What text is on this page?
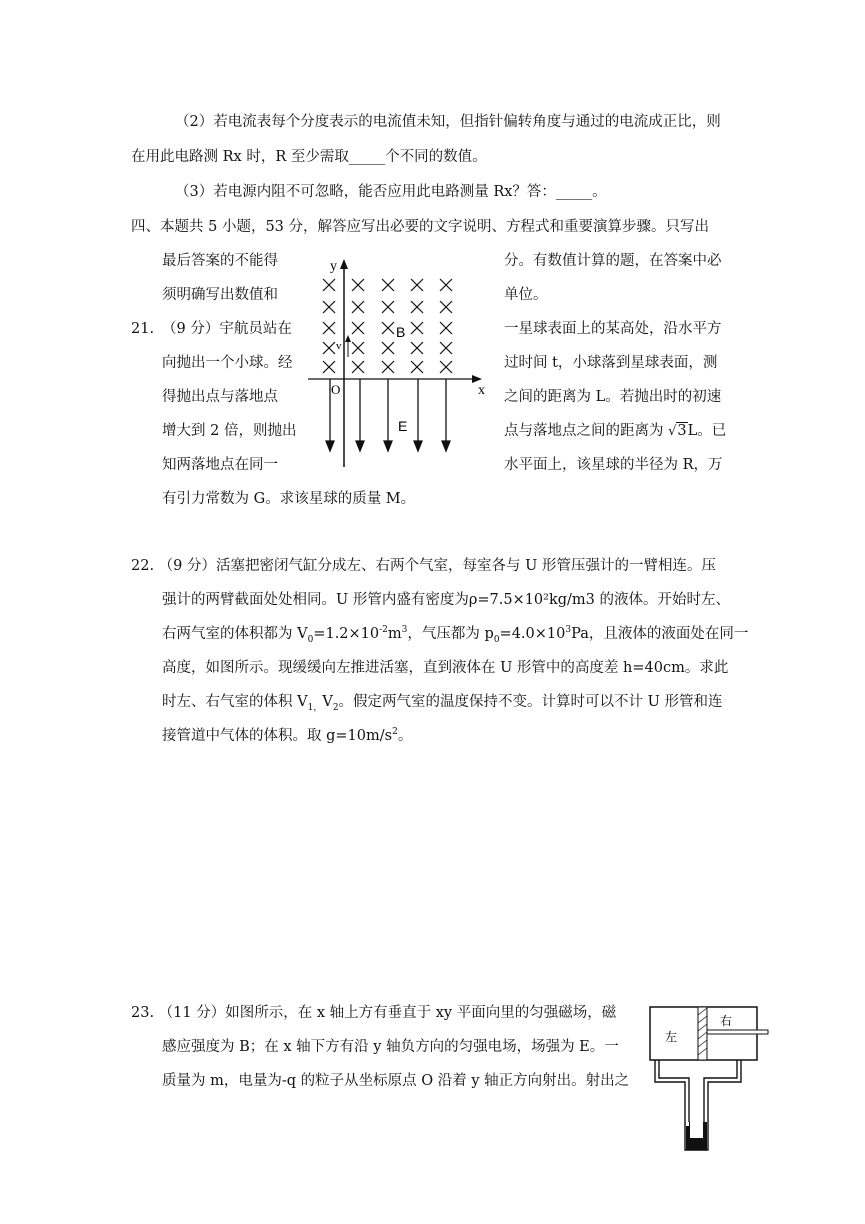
（2）若电流表每个分度表示的电流值未知，但指针偏转角度与通过的电流成正比，则
在用此电路测 Rx 时，R 至少需取_____个不同的数值。
（3）若电源内阻不可忽略，能否应用此电路测量 Rx？答：_____。
四、本题共 5 小题，53 分，解答应写出必要的文字说明、方程式和重要演算步骤。只写出
最后答案的不能得	分。有数值计算的题，在答案中必
须明确写出数值和	单位。
21. （9 分）宇航员站在	一星球表面上的某高处，沿水平方
向抛出一个小球。经	过时间 t，小球落到星球表面，测
得抛出点与落地点	之间的距离为 L。若抛出时的初速
增大到 2 倍，则抛出	点与落地点之间的距离为 √3L。已
知两落地点在同一	水平面上，该星球的半径为 R，万
有引力常数为 G。求该星球的质量 M。
y
x
O
v
B
E
22. （9 分）活塞把密闭气缸分成左、右两个气室，每室各与 U 形管压强计的一臂相连。压
强计的两臂截面处处相同。U 形管内盛有密度为ρ=7.5×10²kg/m3 的液体。开始时左、
右两气室的体积都为 $V_0=1.2\times 10^{-2}m^3$，气压都为 $p_0=4.0\times 10^3Pa$，且液体的液面处在同一
高度，如图所示。现缓缓向左推进活塞，直到液体在 U 形管中的高度差 h=40cm。求此
时左、右气室的体积 $V_{1,}V_2$。假定两气室的温度保持不变。计算时可以不计 U 形管和连
接管道中气体的体积。取 $g=10m/s^2$。
23. （11 分）如图所示，在 x 轴上方有垂直于 xy 平面向里的匀强磁场，磁
感应强度为 B；在 x 轴下方有沿 y 轴负方向的匀强电场，场强为 E。一
质量为 m，电量为-q 的粒子从坐标原点 O 沿着 y 轴正方向射出。射出之
左
右
